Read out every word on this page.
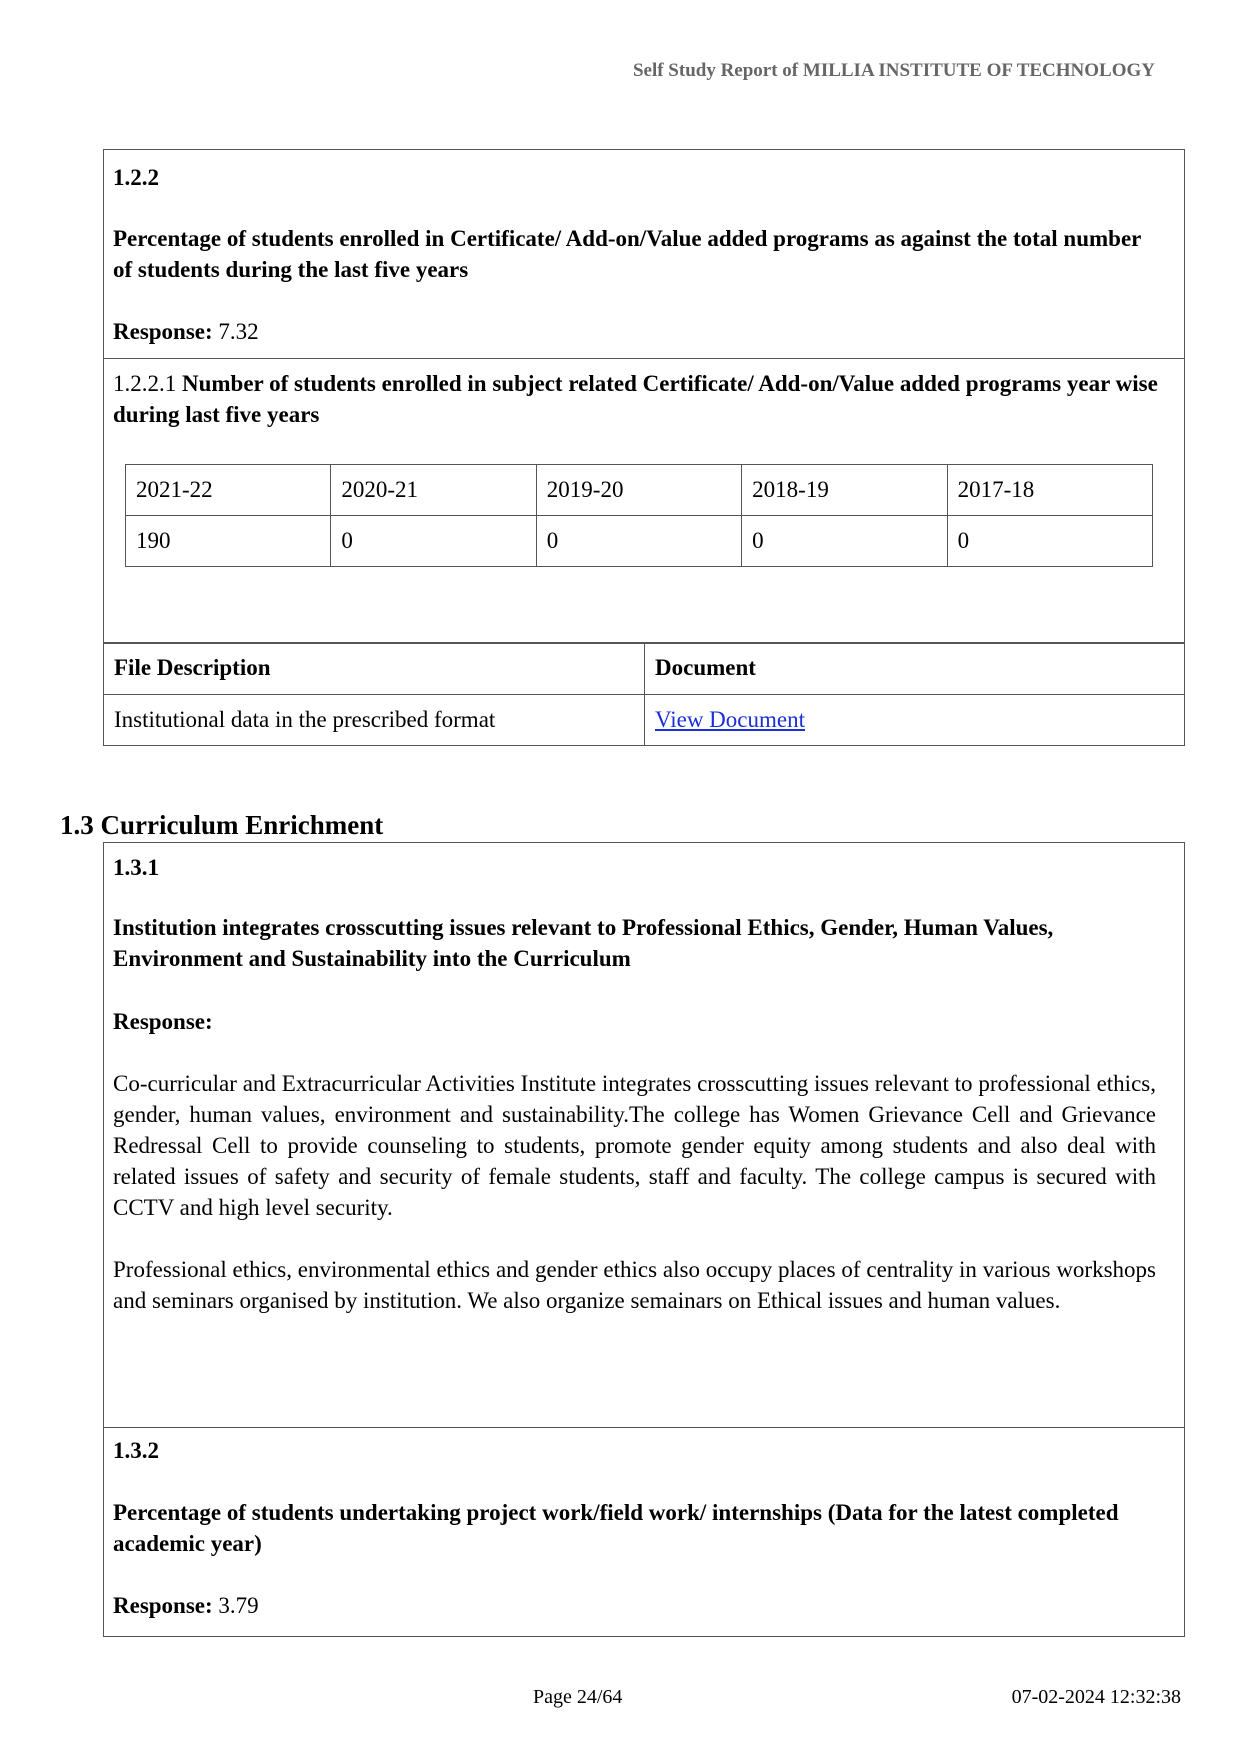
Self Study Report of MILLIA INSTITUTE OF TECHNOLOGY
1.2.2
Percentage of students enrolled in Certificate/ Add-on/Value added programs as against the total number of students during the last five years
Response: 7.32
1.2.2.1 Number of students enrolled in subject related Certificate/ Add-on/Value added programs year wise during last five years
2021-22	2020-21	2019-20	2018-19	2017-18
190	0	0	0	0
File Description	Document
Institutional data in the prescribed format	View Document
1.3 Curriculum Enrichment
1.3.1
Institution integrates crosscutting issues relevant to Professional Ethics, Gender, Human Values, Environment and Sustainability into the Curriculum
Response:
Co-curricular and Extracurricular Activities Institute integrates crosscutting issues relevant to professional ethics, gender, human values, environment and sustainability.The college has Women Grievance Cell and Grievance Redressal Cell to provide counseling to students, promote gender equity among students and also deal with related issues of safety and security of female students, staff and faculty. The college campus is secured with CCTV and high level security.
Professional ethics, environmental ethics and gender ethics also occupy places of centrality in various workshops and seminars organised by institution. We also organize semainars on Ethical issues and human values.
1.3.2
Percentage of students undertaking project work/field work/ internships (Data for the latest completed academic year)
Response: 3.79
Page 24/64	07-02-2024 12:32:38
